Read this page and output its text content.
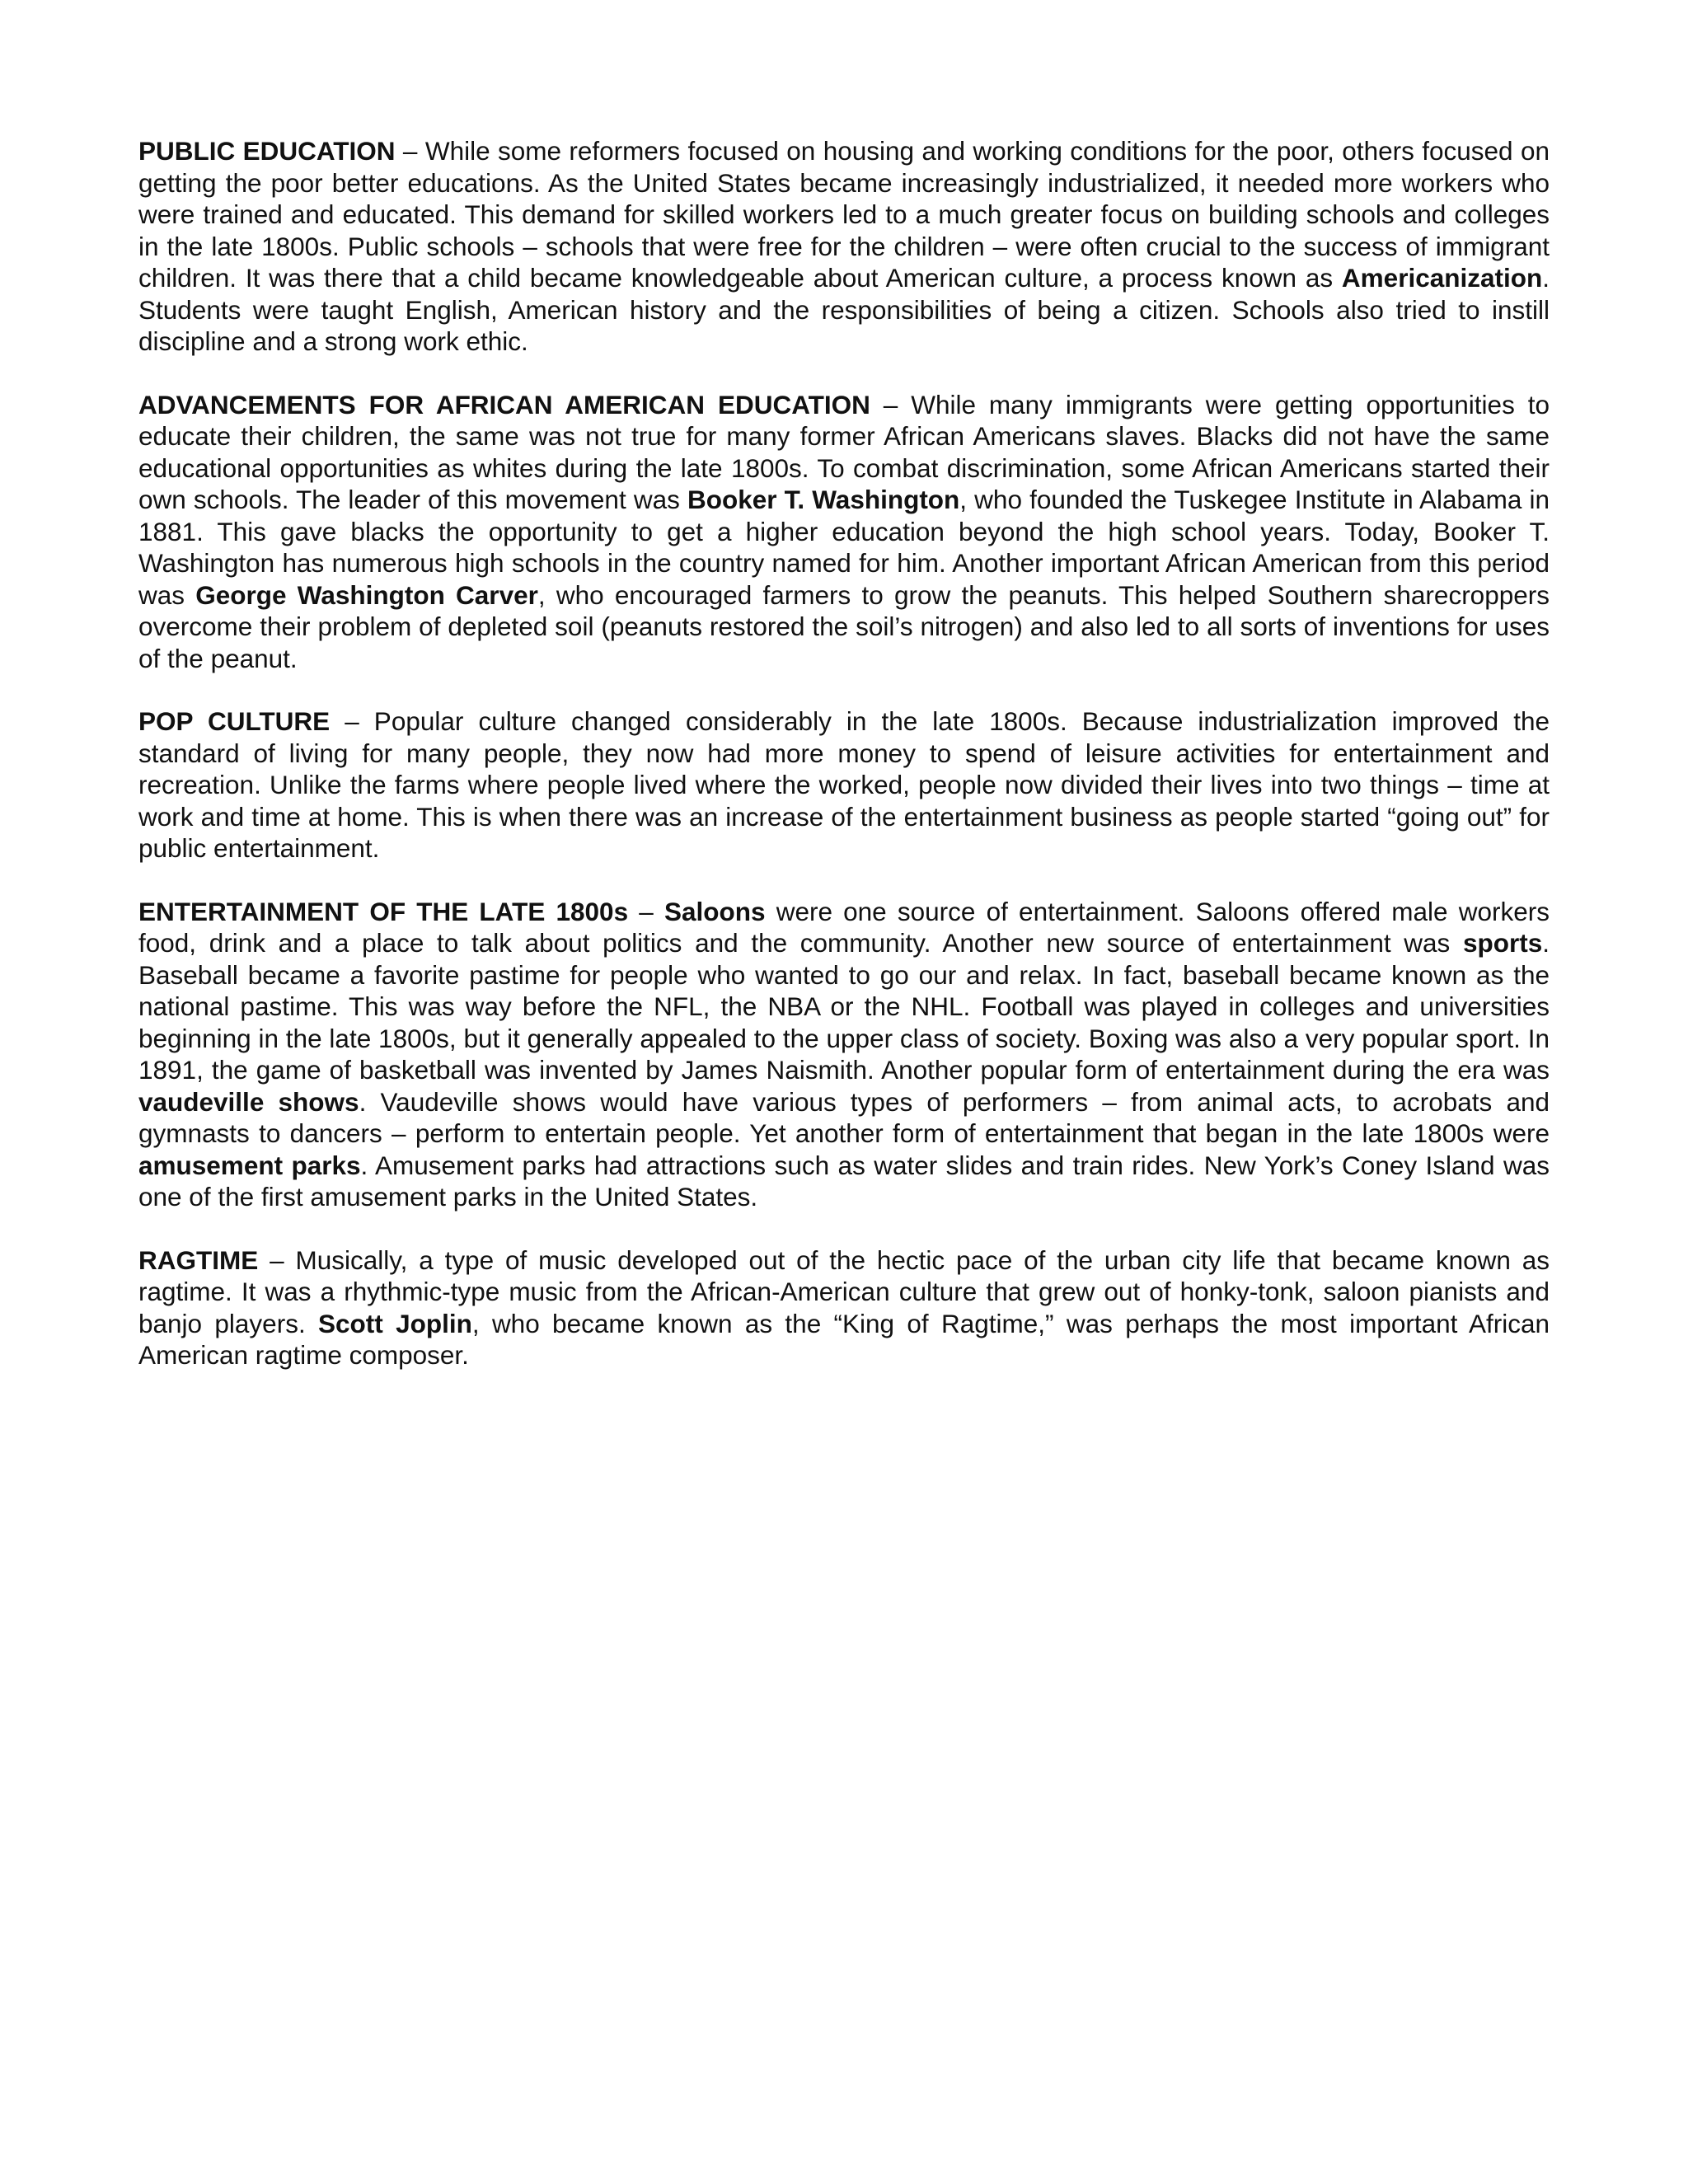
PUBLIC EDUCATION – While some reformers focused on housing and working conditions for the poor, others focused on getting the poor better educations. As the United States became increasingly industrialized, it needed more workers who were trained and educated. This demand for skilled workers led to a much greater focus on building schools and colleges in the late 1800s. Public schools – schools that were free for the children – were often crucial to the success of immigrant children. It was there that a child became knowledgeable about American culture, a process known as Americanization. Students were taught English, American history and the responsibilities of being a citizen. Schools also tried to instill discipline and a strong work ethic.

ADVANCEMENTS FOR AFRICAN AMERICAN EDUCATION – While many immigrants were getting opportunities to educate their children, the same was not true for many former African Americans slaves. Blacks did not have the same educational opportunities as whites during the late 1800s. To combat discrimination, some African Americans started their own schools. The leader of this movement was Booker T. Washington, who founded the Tuskegee Institute in Alabama in 1881. This gave blacks the opportunity to get a higher education beyond the high school years. Today, Booker T. Washington has numerous high schools in the country named for him. Another important African American from this period was George Washington Carver, who encouraged farmers to grow the peanuts. This helped Southern sharecroppers overcome their problem of depleted soil (peanuts restored the soil’s nitrogen) and also led to all sorts of inventions for uses of the peanut.

POP CULTURE – Popular culture changed considerably in the late 1800s. Because industrialization improved the standard of living for many people, they now had more money to spend of leisure activities for entertainment and recreation. Unlike the farms where people lived where the worked, people now divided their lives into two things – time at work and time at home. This is when there was an increase of the entertainment business as people started “going out” for public entertainment.

ENTERTAINMENT OF THE LATE 1800s – Saloons were one source of entertainment. Saloons offered male workers food, drink and a place to talk about politics and the community. Another new source of entertainment was sports. Baseball became a favorite pastime for people who wanted to go our and relax. In fact, baseball became known as the national pastime. This was way before the NFL, the NBA or the NHL. Football was played in colleges and universities beginning in the late 1800s, but it generally appealed to the upper class of society. Boxing was also a very popular sport. In 1891, the game of basketball was invented by James Naismith. Another popular form of entertainment during the era was vaudeville shows. Vaudeville shows would have various types of performers – from animal acts, to acrobats and gymnasts to dancers – perform to entertain people. Yet another form of entertainment that began in the late 1800s were amusement parks. Amusement parks had attractions such as water slides and train rides. New York’s Coney Island was one of the first amusement parks in the United States.

RAGTIME – Musically, a type of music developed out of the hectic pace of the urban city life that became known as ragtime. It was a rhythmic-type music from the African-American culture that grew out of honky-tonk, saloon pianists and banjo players. Scott Joplin, who became known as the “King of Ragtime,” was perhaps the most important African American ragtime composer.
